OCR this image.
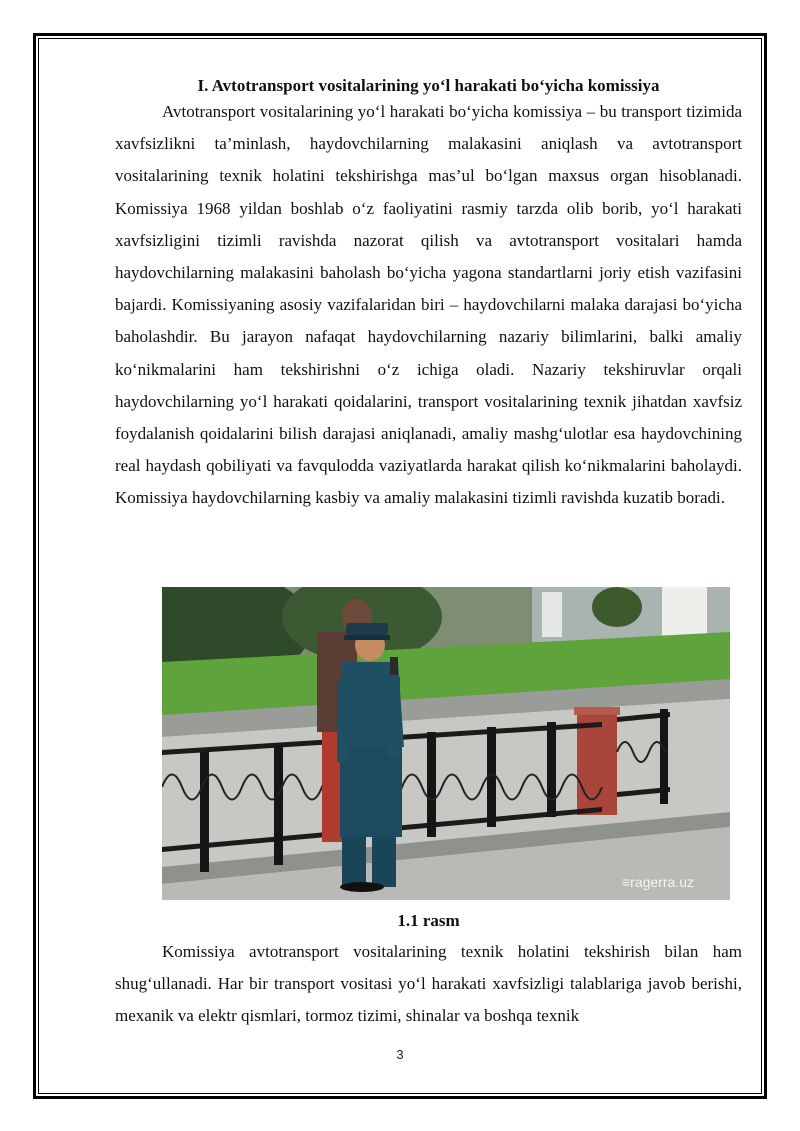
I. Avtotransport vositalarining yo‘l harakati bo‘yicha komissiya

Avtotransport vositalarining yo‘l harakati bo‘yicha komissiya – bu transport tizimida xavfsizlikni ta’minlash, haydovchilarning malakasini aniqlash va avtotransport vositalarining texnik holatini tekshirishga mas’ul bo‘lgan maxsus organ hisoblanadi. Komissiya 1968 yildan boshlab o‘z faoliyatini rasmiy tarzda olib borib, yo‘l harakati xavfsizligini tizimli ravishda nazorat qilish va avtotransport vositalari hamda haydovchilarning malakasini baholash bo‘yicha yagona standartlarni joriy etish vazifasini bajardi. Komissiyaning asosiy vazifalaridan biri – haydovchilarni malaka darajasi bo‘yicha baholashdir. Bu jarayon nafaqat haydovchilarning nazariy bilimlarini, balki amaliy ko‘nikmalarini ham tekshirishni o‘z ichiga oladi. Nazariy tekshiruvlar orqali haydovchilarning yo‘l harakati qoidalarini, transport vositalarining texnik jihatdan xavfsiz foydalanish qoidalarini bilish darajasi aniqlanadi, amaliy mashg‘ulotlar esa haydovchining real haydash qobiliyati va favqulodda vaziyatlarda harakat qilish ko‘nikmalarini baholaydi. Komissiya haydovchilarning kasbiy va amaliy malakasini tizimli ravishda kuzatib boradi.

≡ragerra.uz
1.1 rasm

Komissiya avtotransport vositalarining texnik holatini tekshirish bilan ham shug‘ullanadi. Har bir transport vositasi yo‘l harakati xavfsizligi talablariga javob berishi, mexanik va elektr qismlari, tormoz tizimi, shinalar va boshqa texnik

3
